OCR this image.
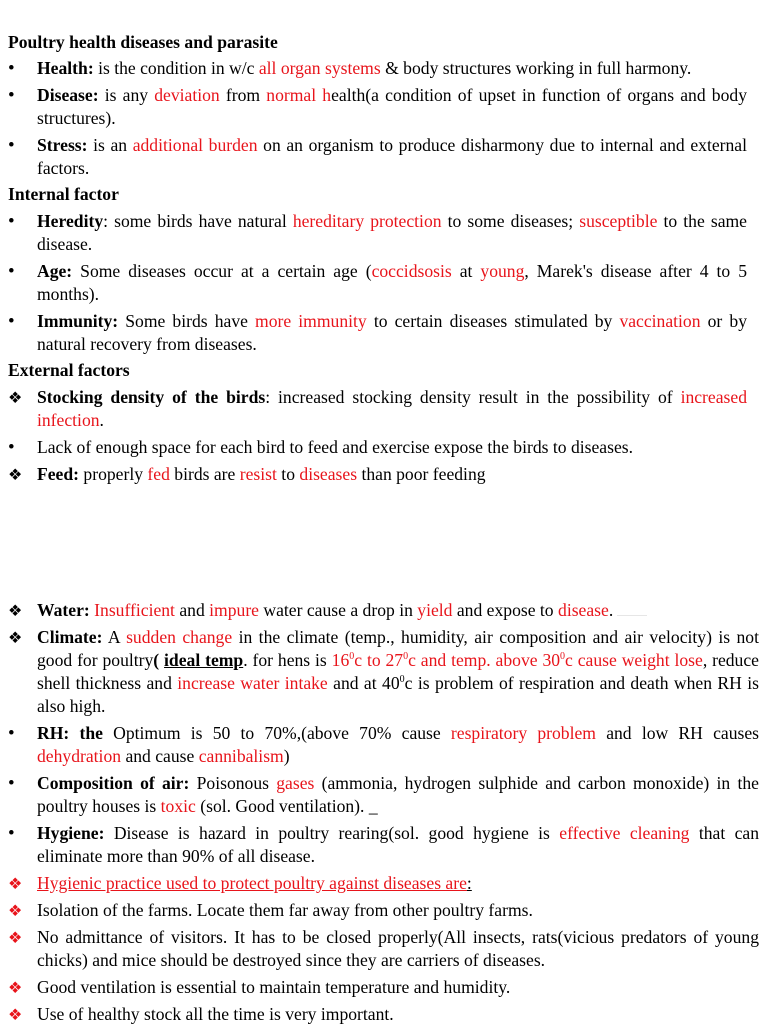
Poultry health diseases and parasite

•	Health: is the condition in w/c all organ systems & body structures working in full harmony.
•	Disease: is any deviation from normal health(a condition of upset in function of organs and body structures).
•	Stress: is an additional burden on an organism to produce disharmony due to internal and external factors.

Internal factor

•	Heredity: some birds have natural hereditary protection to some diseases; susceptible to the same disease.
•	Age: Some diseases occur at a certain age (coccidsosis at young, Marek's disease after 4 to 5 months).
•	Immunity: Some birds have more immunity to certain diseases stimulated by vaccination or by natural recovery from diseases.

External factors

❖ Stocking density of the birds: increased stocking density result in the possibility of increased infection.
•	Lack of enough space for each bird to feed and exercise expose the birds to diseases.
❖ Feed: properly fed birds are resist to diseases than poor feeding
❖ Water: Insufficient and impure water cause a drop in yield and expose to disease.
❖ Climate: A sudden change in the climate (temp., humidity, air composition and air velocity) is not good for poultry( ideal temp. for hens is $16^0c$ to $27^0c$ and temp. above $30^0c$ cause weight lose, reduce shell thickness and increase water intake and at $40^0c$ is problem of respiration and death when RH is also high.
•	RH: the Optimum is 50 to 70%,(above 70% cause respiratory problem and low RH causes dehydration and cause cannibalism)
•	Composition of air: Poisonous gases (ammonia, hydrogen sulphide and carbon monoxide) in the poultry houses is toxic (sol. Good ventilation). _
•	Hygiene: Disease is hazard in poultry rearing(sol. good hygiene is effective cleaning that can eliminate more than 90% of all disease.
❖ Hygienic practice used to protect poultry against diseases are:
❖ Isolation of the farms. Locate them far away from other poultry farms.
❖ No admittance of visitors. It has to be closed properly(All insects, rats(vicious predators of young chicks) and mice should be destroyed since they are carriers of diseases.
❖ Good ventilation is essential to maintain temperature and humidity.
❖ Use of healthy stock all the time is very important.
